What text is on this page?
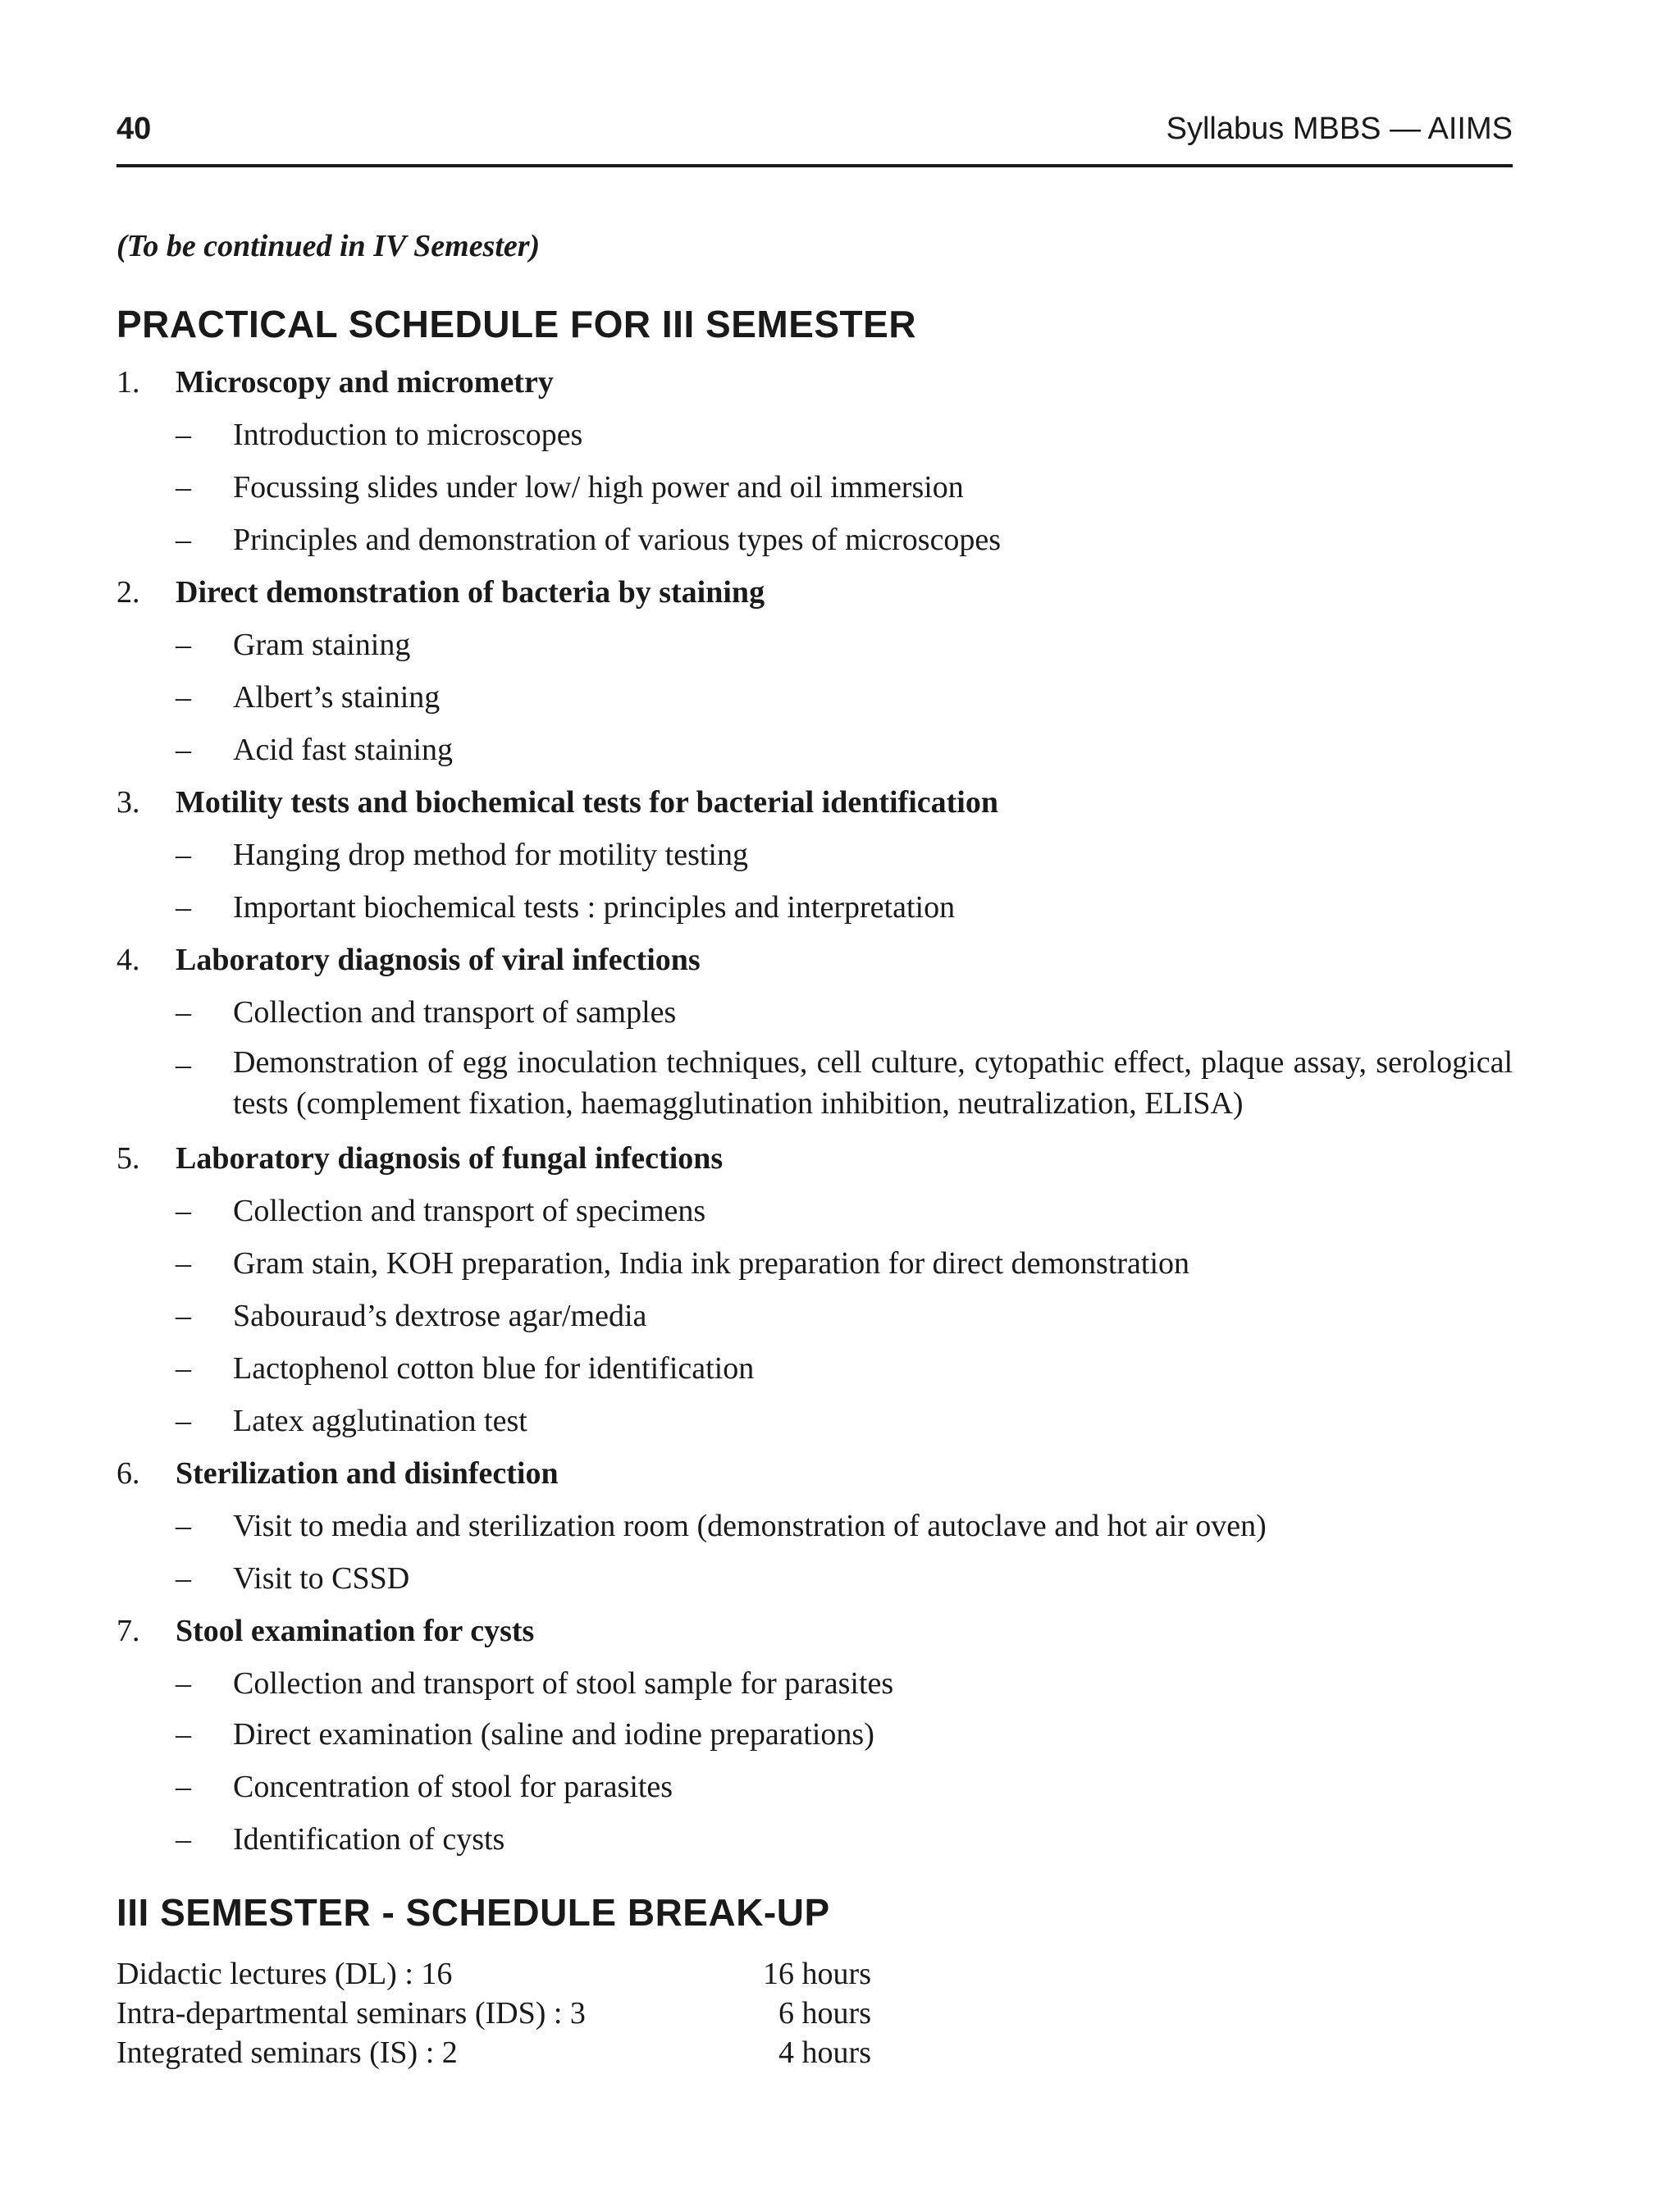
40	Syllabus MBBS — AIIMS
(To be continued in IV Semester)
PRACTICAL SCHEDULE FOR III SEMESTER
1. Microscopy and micrometry
– Introduction to microscopes
– Focussing slides under low/ high power and oil immersion
– Principles and demonstration of various types of microscopes
2. Direct demonstration of bacteria by staining
– Gram staining
– Albert’s staining
– Acid fast staining
3. Motility tests and biochemical tests for bacterial identification
– Hanging drop method for motility testing
– Important biochemical tests : principles and interpretation
4. Laboratory diagnosis of viral infections
– Collection and transport of samples
– Demonstration of egg inoculation techniques, cell culture, cytopathic effect, plaque assay, serological tests (complement fixation, haemagglutination inhibition, neutralization, ELISA)
5. Laboratory diagnosis of fungal infections
– Collection and transport of specimens
– Gram stain, KOH preparation, India ink preparation for direct demonstration
– Sabouraud’s dextrose agar/media
– Lactophenol cotton blue for identification
– Latex agglutination test
6. Sterilization and disinfection
– Visit to media and sterilization room (demonstration of autoclave and hot air oven)
– Visit to CSSD
7. Stool examination for cysts
– Collection and transport of stool sample for parasites
– Direct examination (saline and iodine preparations)
– Concentration of stool for parasites
– Identification of cysts
III SEMESTER - SCHEDULE BREAK-UP
Didactic lectures (DL) : 16	16 hours
Intra-departmental seminars (IDS) : 3	6 hours
Integrated seminars (IS) : 2	4 hours
